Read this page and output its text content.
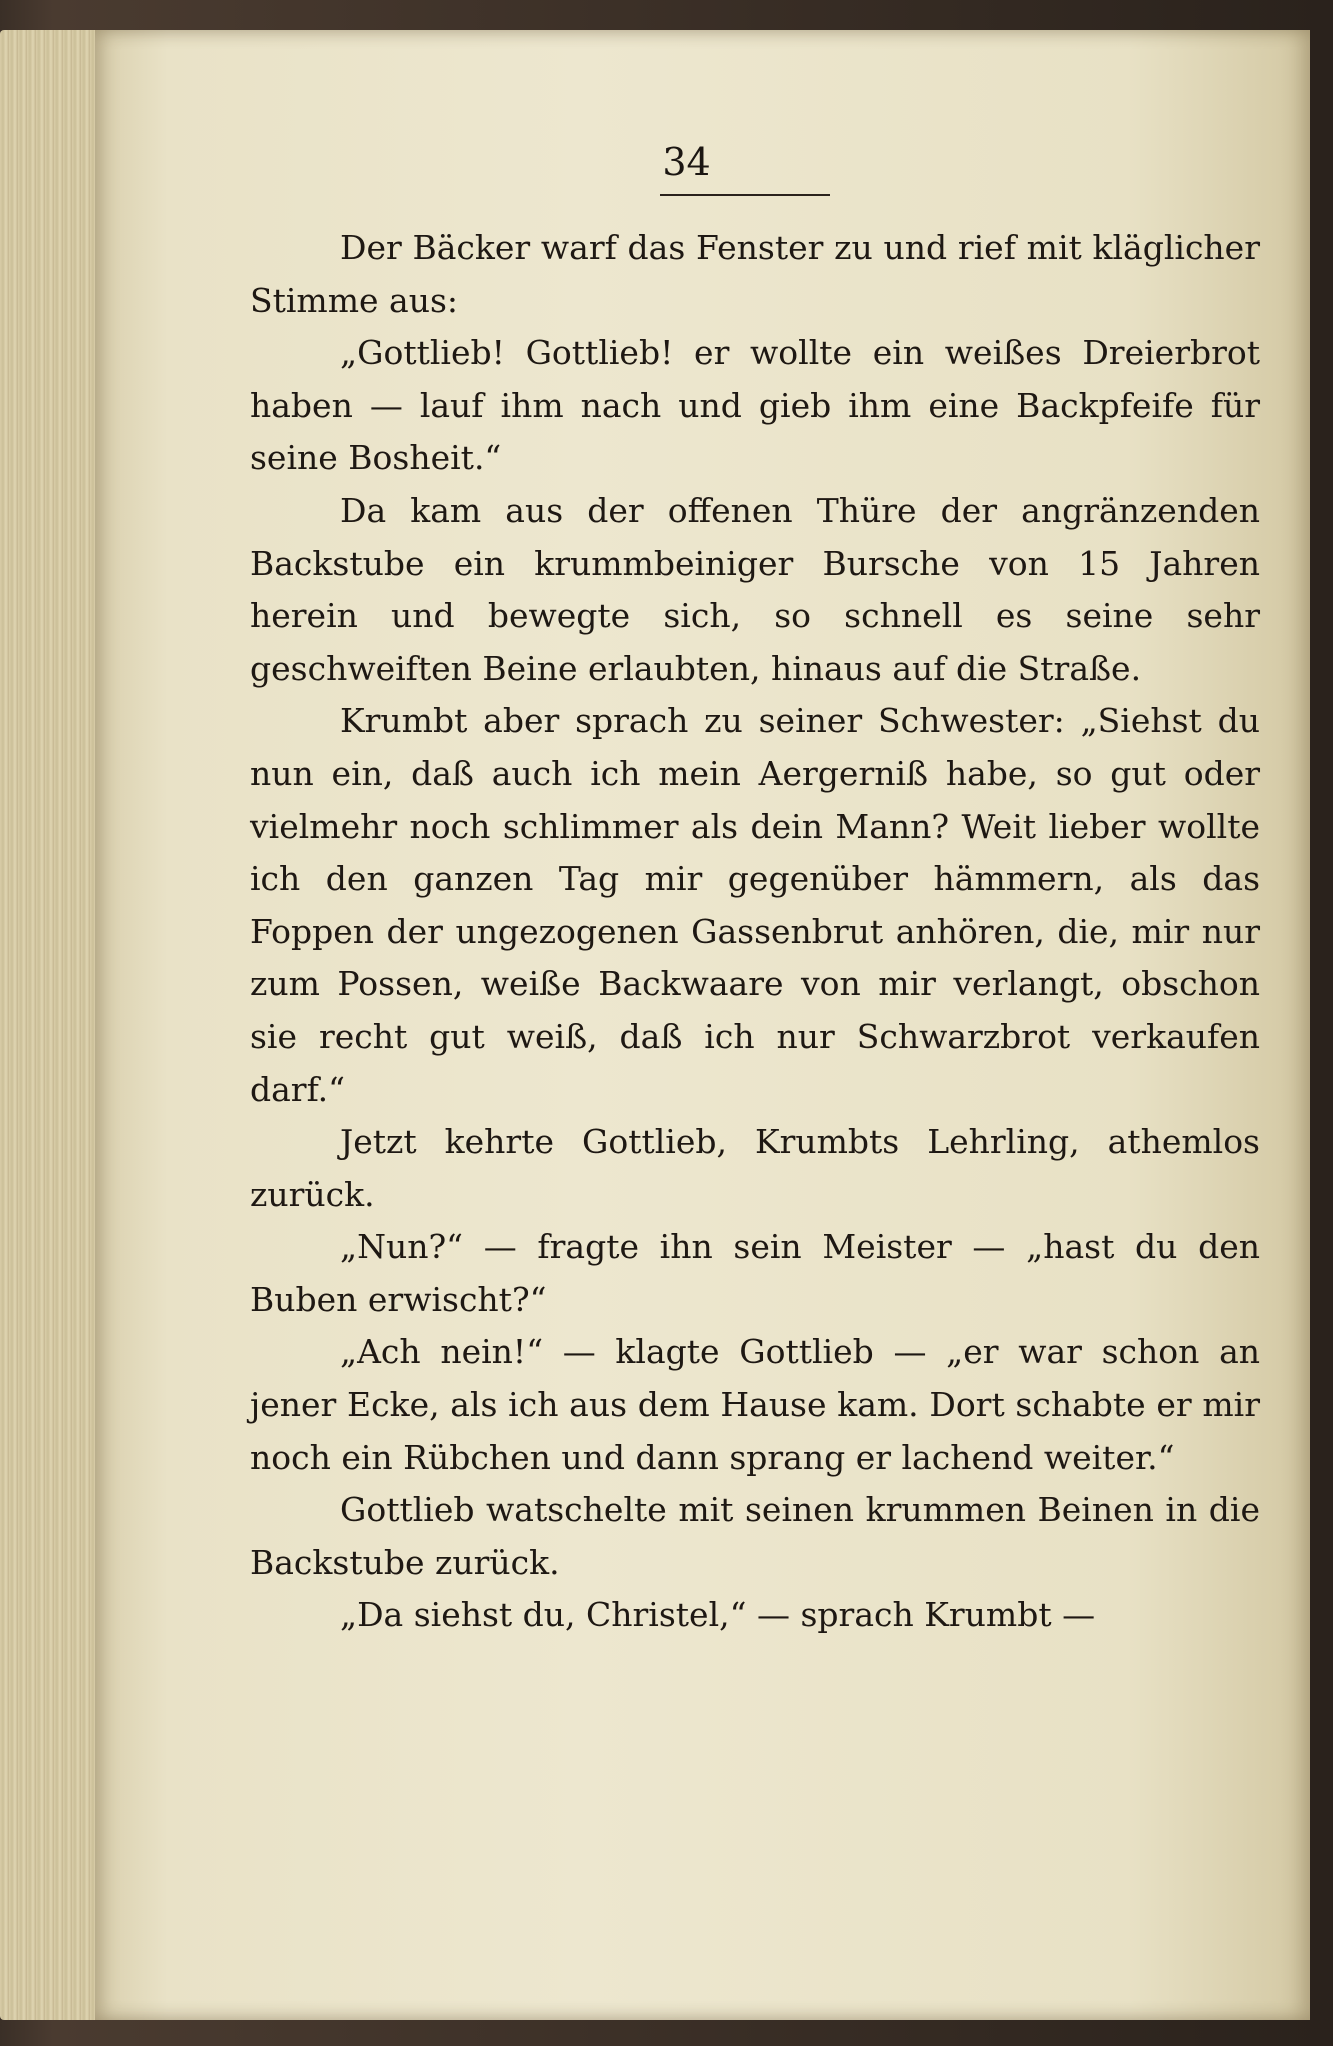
34

Der Bäcker warf das Fenster zu und rief mit kläglicher Stimme aus:

„Gottlieb! Gottlieb! er wollte ein weißes Dreierbrot haben — lauf ihm nach und gieb ihm eine Backpfeife für seine Bosheit.“

Da kam aus der offenen Thüre der angränzenden Backstube ein krummbeiniger Bursche von 15 Jahren herein und bewegte sich, so schnell es seine sehr geschweiften Beine erlaubten, hinaus auf die Straße.

Krumbt aber sprach zu seiner Schwester: „Siehst du nun ein, daß auch ich mein Aergerniß habe, so gut oder vielmehr noch schlimmer als dein Mann? Weit lieber wollte ich den ganzen Tag mir gegenüber hämmern, als das Foppen der ungezogenen Gassenbrut anhören, die, mir nur zum Possen, weiße Backwaare von mir verlangt, obschon sie recht gut weiß, daß ich nur Schwarzbrot verkaufen darf.“

Jetzt kehrte Gottlieb, Krumbts Lehrling, athemlos zurück.

„Nun?“ — fragte ihn sein Meister — „hast du den Buben erwischt?“

„Ach nein!“ — klagte Gottlieb — „er war schon an jener Ecke, als ich aus dem Hause kam. Dort schabte er mir noch ein Rübchen und dann sprang er lachend weiter.“

Gottlieb watschelte mit seinen krummen Beinen in die Backstube zurück.

„Da siehst du, Christel,“ — sprach Krumbt —
